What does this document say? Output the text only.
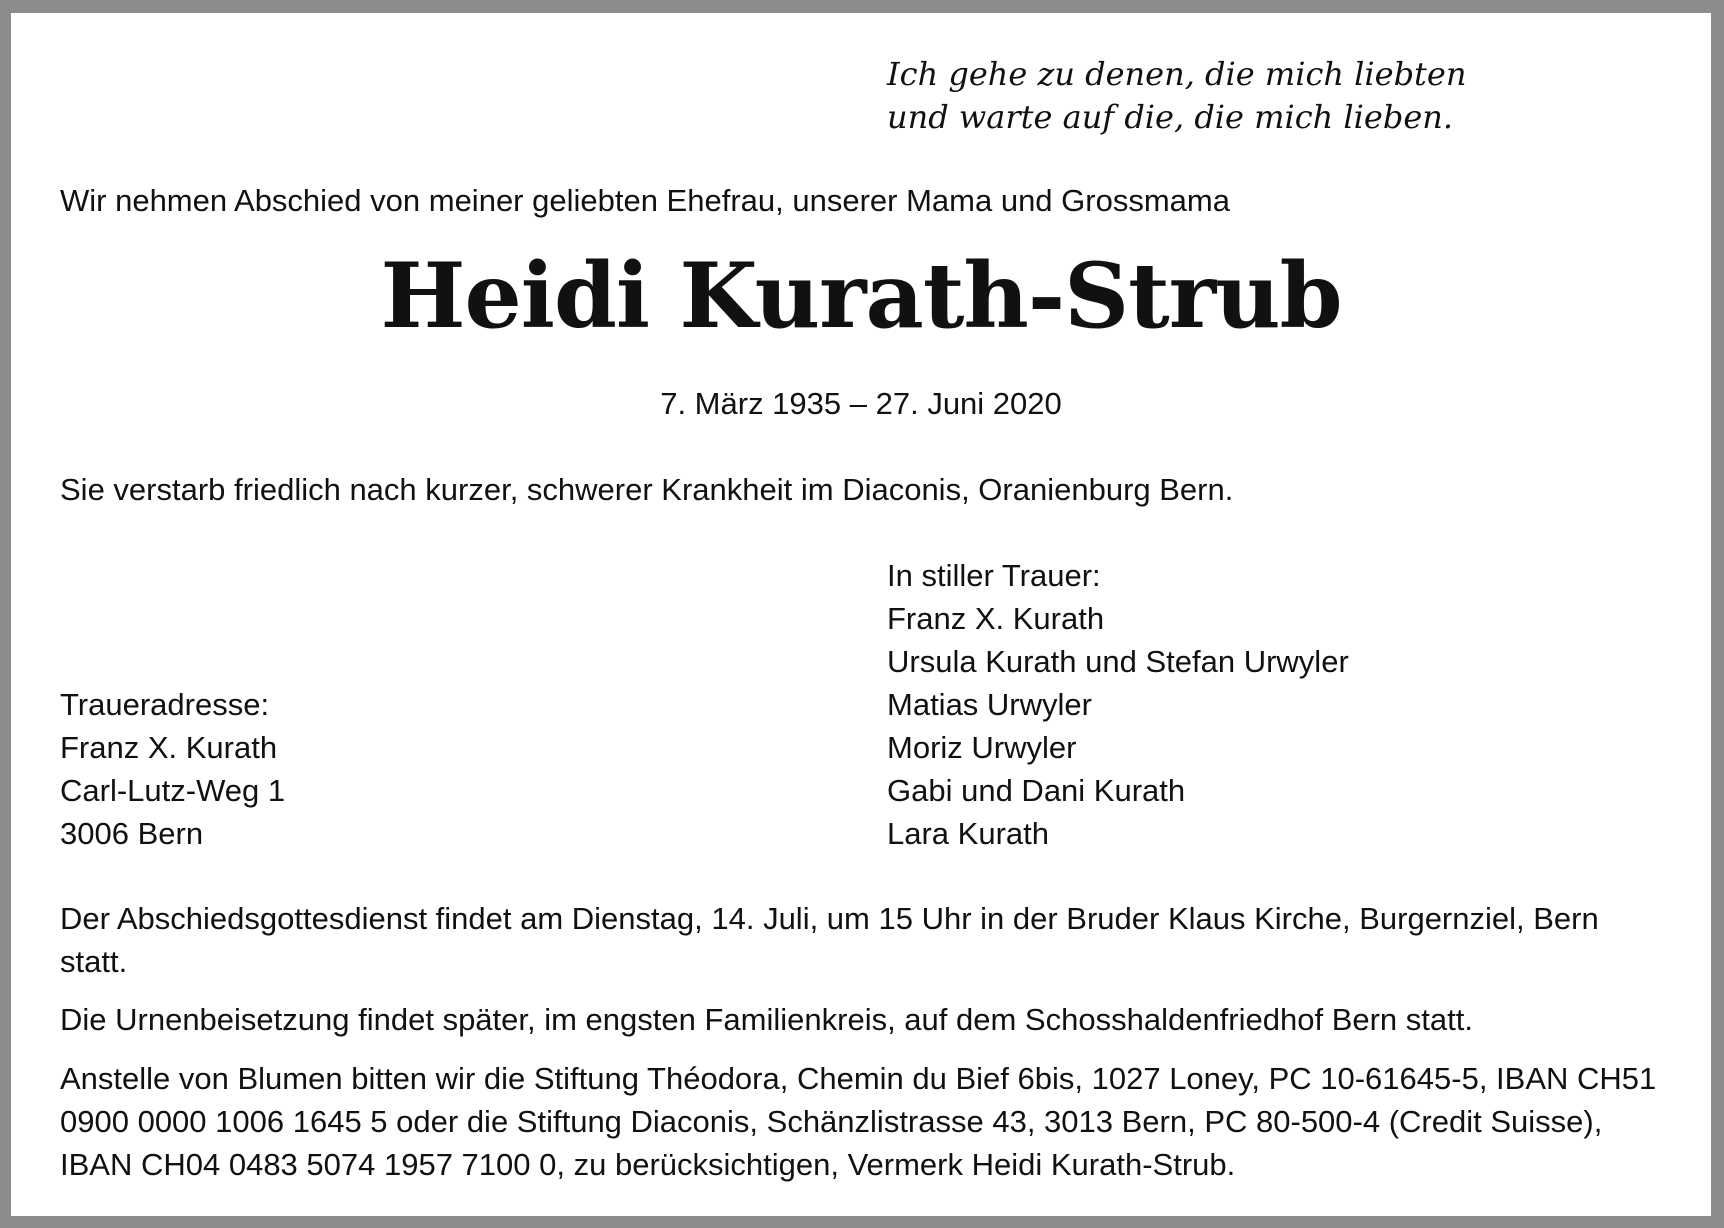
Ich gehe zu denen, die mich liebten
und warte auf die, die mich lieben.

Wir nehmen Abschied von meiner geliebten Ehefrau, unserer Mama und Grossmama

Heidi Kurath-Strub

7. März 1935 – 27. Juni 2020

Sie verstarb friedlich nach kurzer, schwerer Krankheit im Diaconis, Oranienburg Bern.

In stiller Trauer:
Franz X. Kurath
Ursula Kurath und Stefan Urwyler
Matias Urwyler
Moriz Urwyler
Gabi und Dani Kurath
Lara Kurath
Traueradresse:
Franz X. Kurath
Carl-Lutz-Weg 1
3006 Bern

Der Abschiedsgottesdienst findet am Dienstag, 14. Juli, um 15 Uhr in der Bruder Klaus Kirche, Burgernziel, Bern statt.

Die Urnenbeisetzung findet später, im engsten Familienkreis, auf dem Schosshaldenfriedhof Bern statt.

Anstelle von Blumen bitten wir die Stiftung Théodora, Chemin du Bief 6bis, 1027 Loney, PC 10-61645-5, IBAN CH51 0900 0000 1006 1645 5 oder die Stiftung Diaconis, Schänzlistrasse 43, 3013 Bern, PC 80-500-4 (Credit Suisse), IBAN CH04 0483 5074 1957 7100 0, zu berücksichtigen, Vermerk Heidi Kurath-Strub.
